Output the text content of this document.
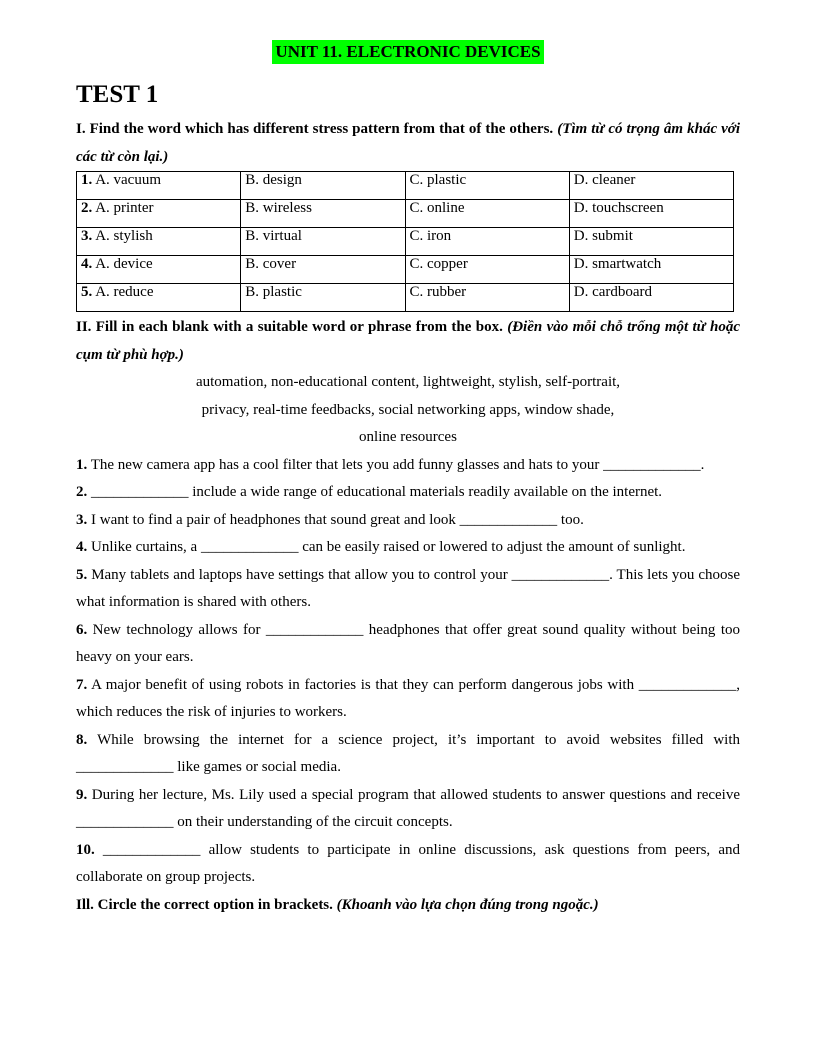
UNIT 11. ELECTRONIC DEVICES
TEST 1
I. Find the word which has different stress pattern from that of the others. (Tìm từ có trọng âm khác với các từ còn lại.)
1. A. vacuum	B. design	C. plastic	D. cleaner
2. A. printer	B. wireless	C. online	D. touchscreen
3. A. stylish	B. virtual	C. iron	D. submit
4. A. device	B. cover	C. copper	D. smartwatch
5. A. reduce	B. plastic	C. rubber	D. cardboard
II. Fill in each blank with a suitable word or phrase from the box. (Điền vào mỗi chỗ trống một từ hoặc cụm từ phù hợp.)
automation, non-educational content, lightweight, stylish, self-portrait,
privacy, real-time feedbacks, social networking apps, window shade,
online resources
1. The new camera app has a cool filter that lets you add funny glasses and hats to your _____________.
2. _____________ include a wide range of educational materials readily available on the internet.
3. I want to find a pair of headphones that sound great and look _____________ too.
4. Unlike curtains, a _____________ can be easily raised or lowered to adjust the amount of sunlight.
5. Many tablets and laptops have settings that allow you to control your _____________. This lets you choose what information is shared with others.
6. New technology allows for _____________ headphones that offer great sound quality without being too heavy on your ears.
7. A major benefit of using robots in factories is that they can perform dangerous jobs with _____________, which reduces the risk of injuries to workers.
8. While browsing the internet for a science project, it’s important to avoid websites filled with _____________ like games or social media.
9. During her lecture, Ms. Lily used a special program that allowed students to answer questions and receive _____________ on their understanding of the circuit concepts.
10. _____________ allow students to participate in online discussions, ask questions from peers, and collaborate on group projects.
Ill. Circle the correct option in brackets. (Khoanh vào lựa chọn đúng trong ngoặc.)
